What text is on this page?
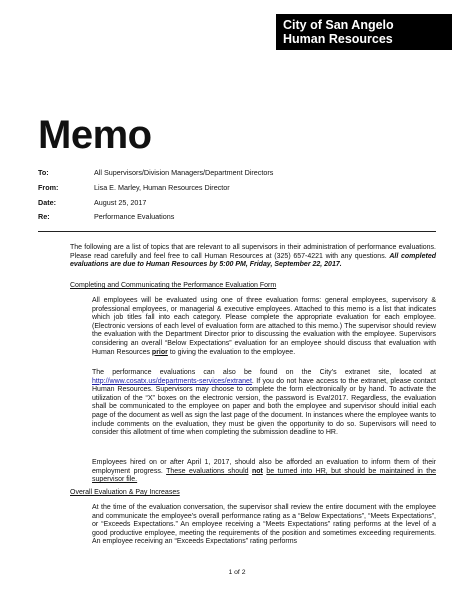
City of San Angelo
Human Resources
Memo
To:	All Supervisors/Division Managers/Department Directors
From:	Lisa E. Marley, Human Resources Director
Date:	August 25, 2017
Re:	Performance Evaluations
The following are a list of topics that are relevant to all supervisors in their administration of performance evaluations. Please read carefully and feel free to call Human Resources at (325) 657-4221 with any questions. All completed evaluations are due to Human Resources by 5:00 PM, Friday, September 22, 2017.
Completing and Communicating the Performance Evaluation Form
All employees will be evaluated using one of three evaluation forms: general employees, supervisory & professional employees, or managerial & executive employees. Attached to this memo is a list that indicates which job titles fall into each category. Please complete the appropriate evaluation for each employee. (Electronic versions of each level of evaluation form are attached to this memo.) The supervisor should review the evaluation with the Department Director prior to discussing the evaluation with the employee. Supervisors considering an overall “Below Expectations” evaluation for an employee should discuss that evaluation with Human Resources prior to giving the evaluation to the employee.
The performance evaluations can also be found on the City’s extranet site, located at http://www.cosatx.us/departments-services/extranet. If you do not have access to the extranet, please contact Human Resources. Supervisors may choose to complete the form electronically or by hand. To activate the utilization of the “X” boxes on the electronic version, the password is Eva!2017. Regardless, the evaluation shall be communicated to the employee on paper and both the employee and supervisor should initial each page of the document as well as sign the last page of the document. In instances where the employee wants to include comments on the evaluation, they must be given the opportunity to do so. Supervisors will need to consider this allotment of time when completing the submission deadline to HR.
Employees hired on or after April 1, 2017, should also be afforded an evaluation to inform them of their employment progress. These evaluations should not be turned into HR, but should be maintained in the supervisor file.
Overall Evaluation & Pay Increases
At the time of the evaluation conversation, the supervisor shall review the entire document with the employee and communicate the employee’s overall performance rating as a “Below Expectations”, “Meets Expectations”, or “Exceeds Expectations.” An employee receiving a “Meets Expectations” rating performs at the level of a good productive employee, meeting the requirements of the position and sometimes exceeding requirements. An employee receiving an “Exceeds Expectations” rating performs
1 of 2
